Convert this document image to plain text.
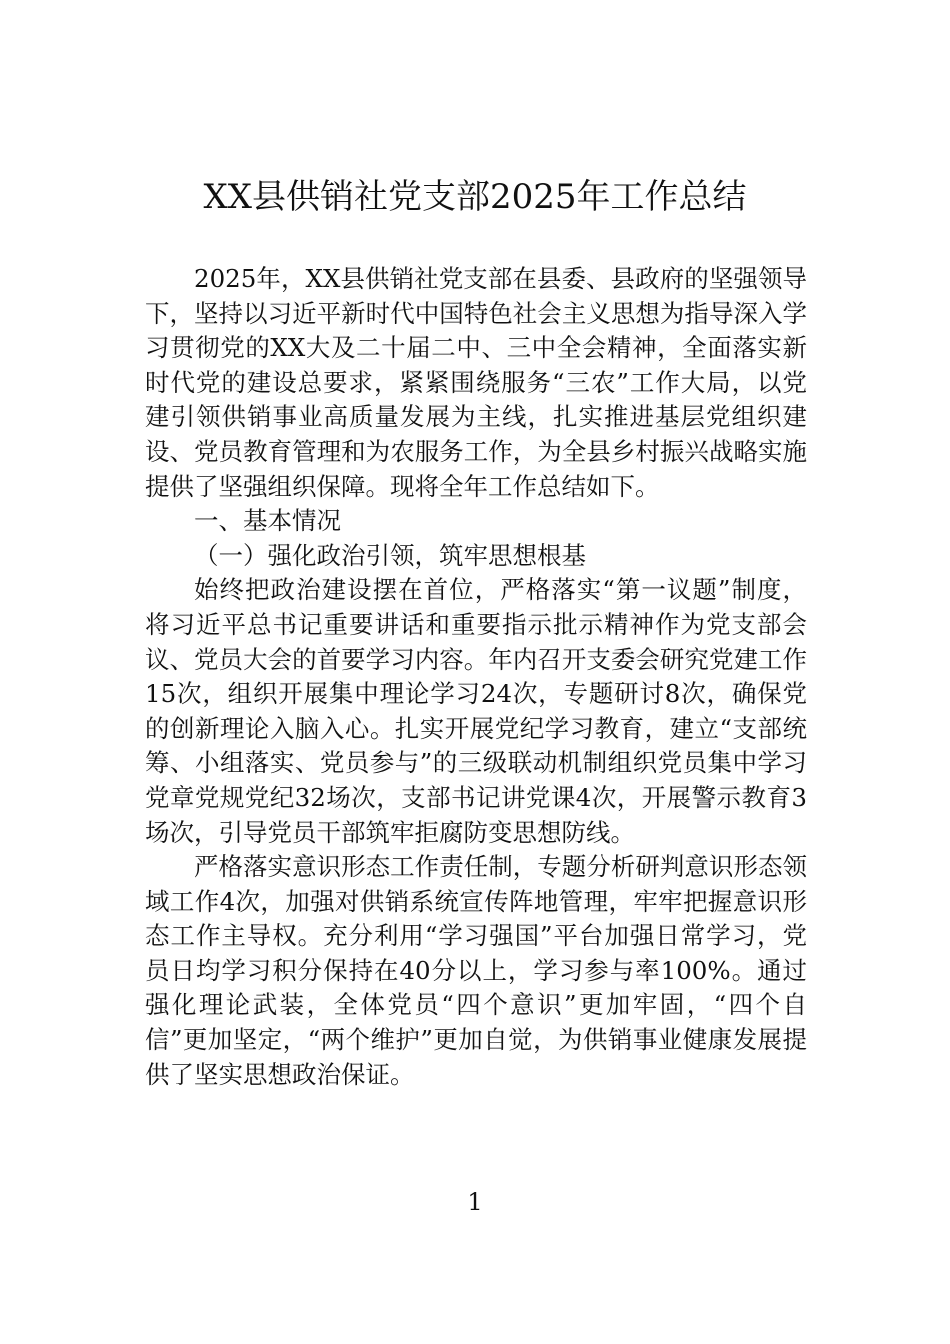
XX县供销社党支部2025年工作总结

2025年，XX县供销社党支部在县委、县政府的坚强领导下，坚持以习近平新时代中国特色社会主义思想为指导深入学习贯彻党的XX大及二十届二中、三中全会精神，全面落实新时代党的建设总要求，紧紧围绕服务“三农”工作大局，以党建引领供销事业高质量发展为主线，扎实推进基层党组织建设、党员教育管理和为农服务工作，为全县乡村振兴战略实施提供了坚强组织保障。现将全年工作总结如下。

一、基本情况

（一）强化政治引领，筑牢思想根基

始终把政治建设摆在首位，严格落实“第一议题”制度，将习近平总书记重要讲话和重要指示批示精神作为党支部会议、党员大会的首要学习内容。年内召开支委会研究党建工作15次，组织开展集中理论学习24次，专题研讨8次，确保党的创新理论入脑入心。扎实开展党纪学习教育，建立“支部统筹、小组落实、党员参与”的三级联动机制组织党员集中学习党章党规党纪32场次，支部书记讲党课4次，开展警示教育3场次，引导党员干部筑牢拒腐防变思想防线。

严格落实意识形态工作责任制，专题分析研判意识形态领域工作4次，加强对供销系统宣传阵地管理，牢牢把握意识形态工作主导权。充分利用“学习强国”平台加强日常学习，党员日均学习积分保持在40分以上，学习参与率100%。通过强化理论武装，全体党员“四个意识”更加牢固，“四个自信”更加坚定，“两个维护”更加自觉，为供销事业健康发展提供了坚实思想政治保证。

1
